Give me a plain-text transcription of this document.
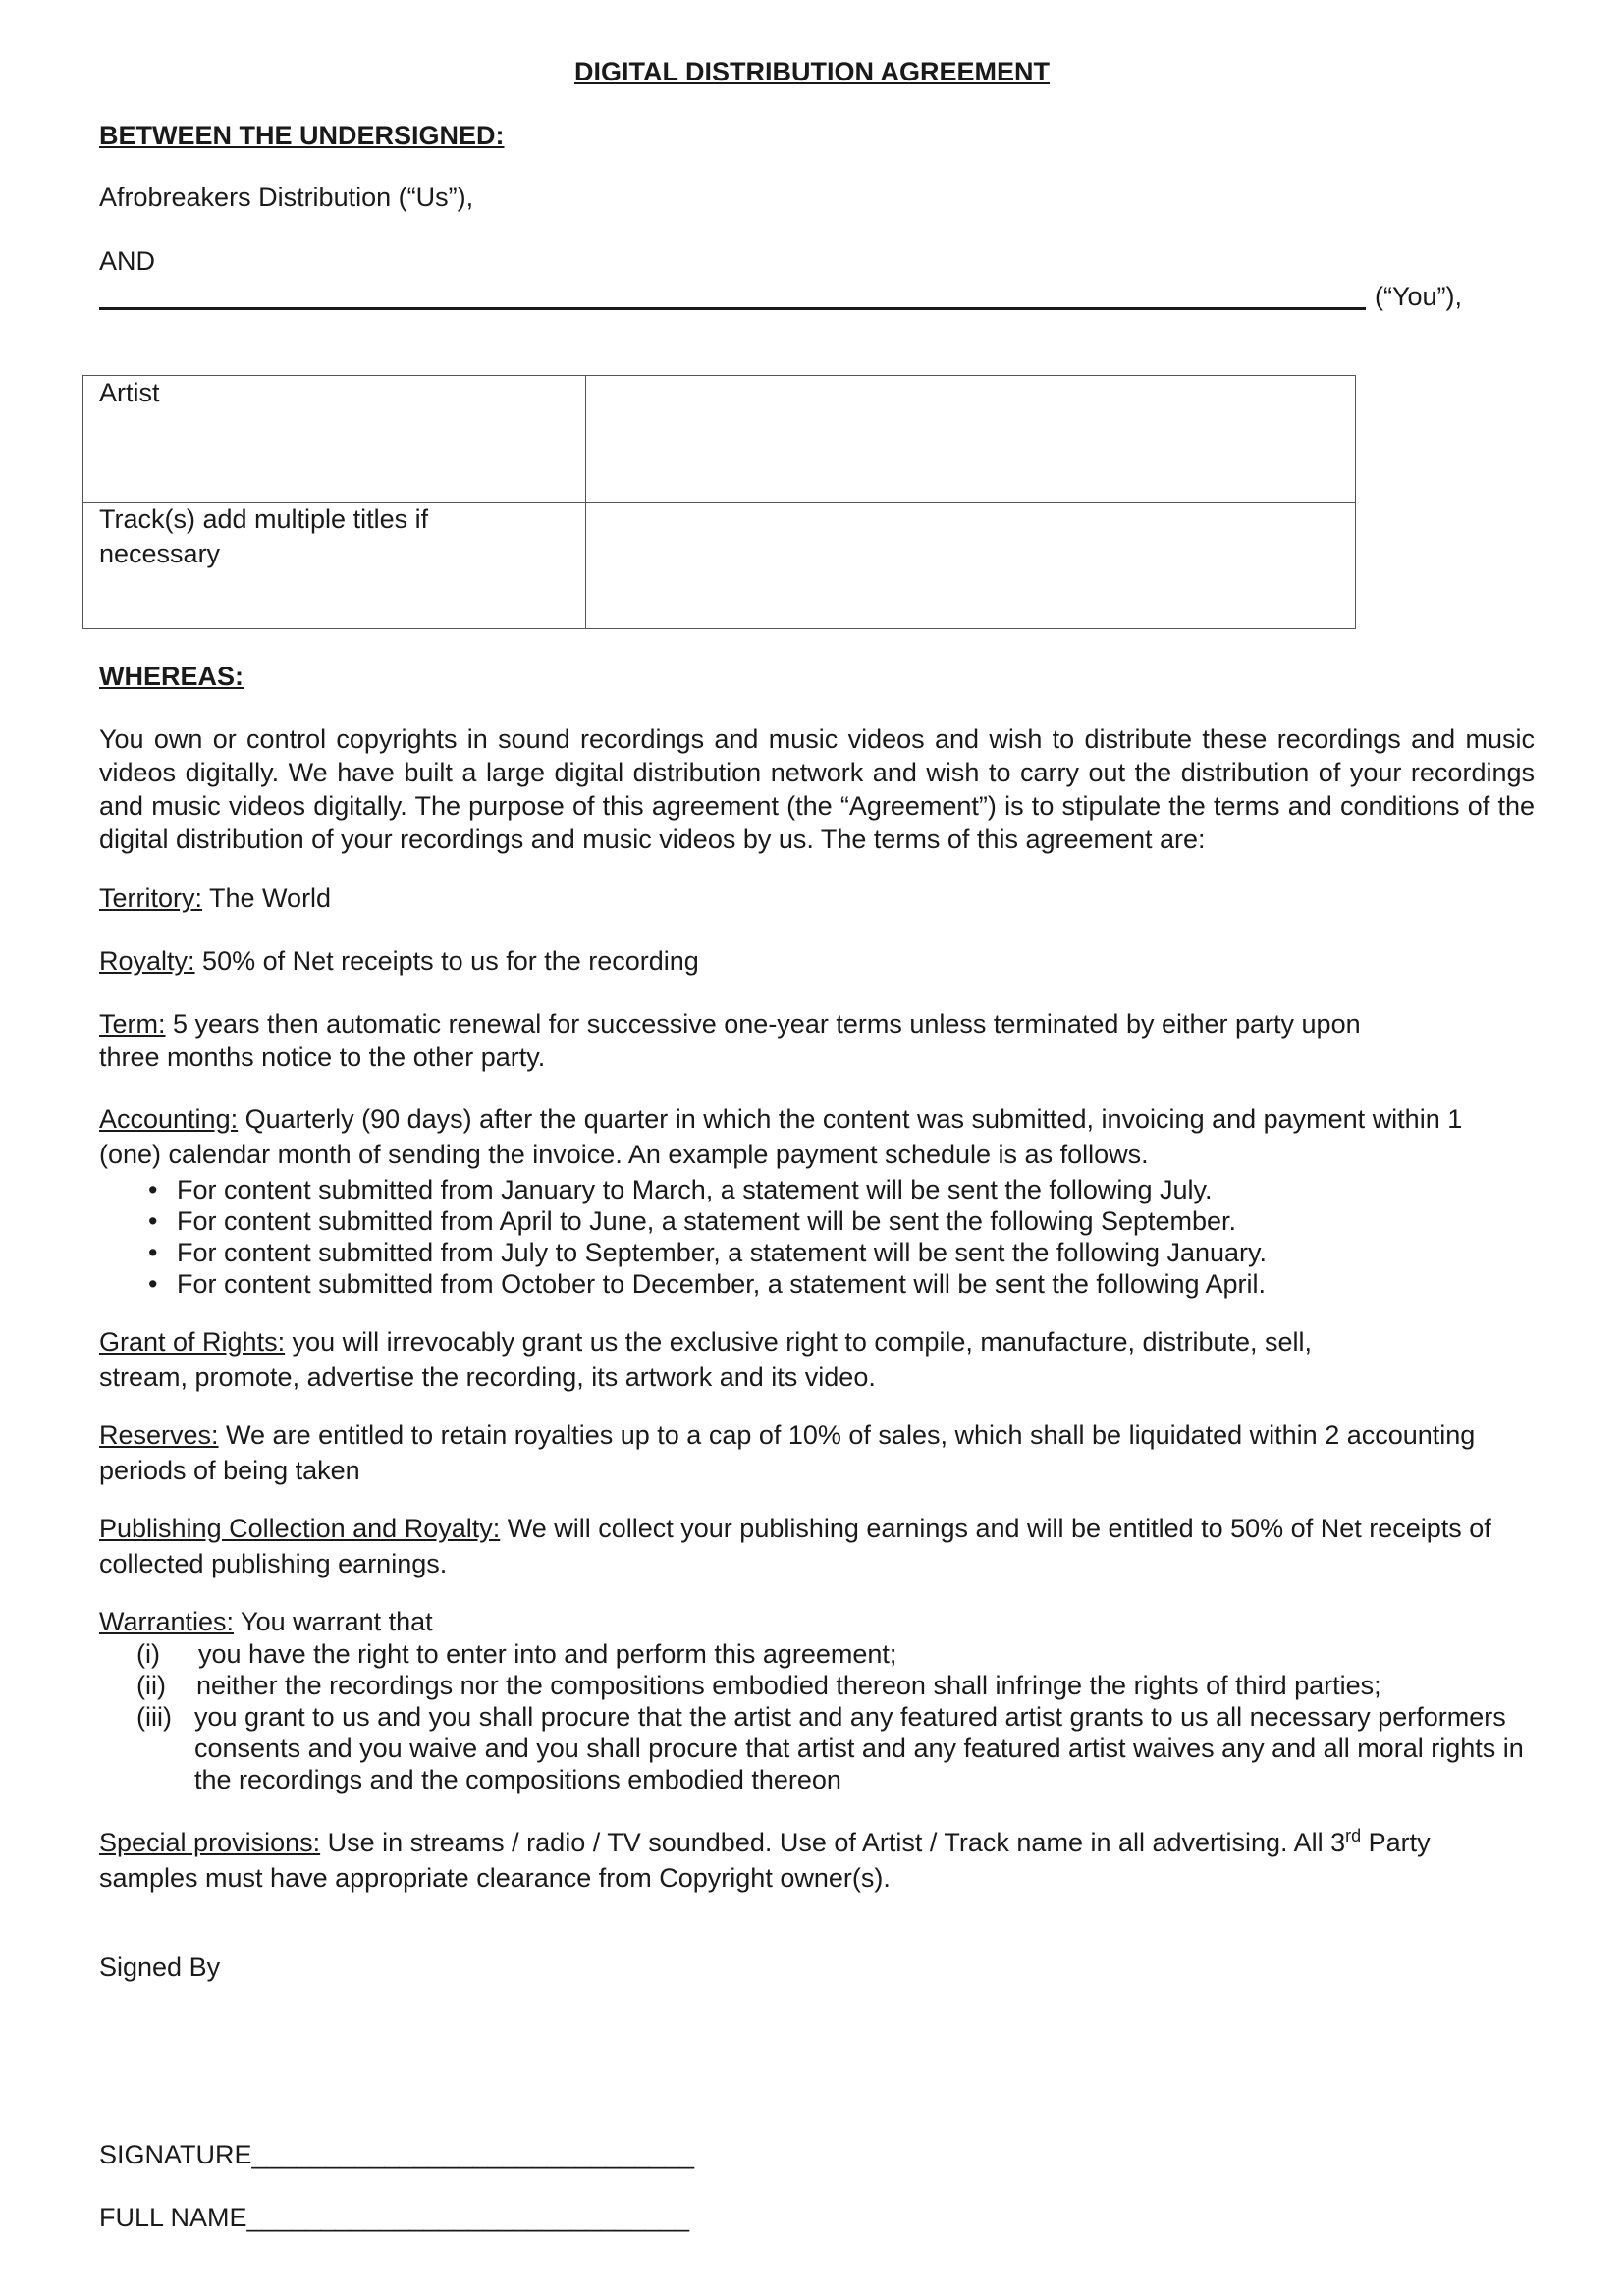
DIGITAL DISTRIBUTION AGREEMENT
BETWEEN THE UNDERSIGNED:
Afrobreakers Distribution (“Us”),
AND
(“You”),
Artist	

Track(s) add multiple titles if necessary	

WHEREAS:
You own or control copyrights in sound recordings and music videos and wish to distribute these recordings and music videos digitally. We have built a large digital distribution network and wish to carry out the distribution of your recordings and music videos digitally. The purpose of this agreement (the “Agreement”) is to stipulate the terms and conditions of the digital distribution of your recordings and music videos by us. The terms of this agreement are:
Territory: The World
Royalty: 50% of Net receipts to us for the recording
Term: 5 years then automatic renewal for successive one-year terms unless terminated by either party upon three months notice to the other party.
Accounting: Quarterly (90 days) after the quarter in which the content was submitted, invoicing and payment within 1 (one) calendar month of sending the invoice. An example payment schedule is as follows.
• For content submitted from January to March, a statement will be sent the following July.
• For content submitted from April to June, a statement will be sent the following September.
• For content submitted from July to September, a statement will be sent the following January.
• For content submitted from October to December, a statement will be sent the following April.
Grant of Rights: you will irrevocably grant us the exclusive right to compile, manufacture, distribute, sell, stream, promote, advertise the recording, its artwork and its video.
Reserves: We are entitled to retain royalties up to a cap of 10% of sales, which shall be liquidated within 2 accounting periods of being taken
Publishing Collection and Royalty: We will collect your publishing earnings and will be entitled to 50% of Net receipts of collected publishing earnings.
Warranties: You warrant that
(i) you have the right to enter into and perform this agreement;
(ii) neither the recordings nor the compositions embodied thereon shall infringe the rights of third parties;
(iii) you grant to us and you shall procure that the artist and any featured artist grants to us all necessary performers consents and you waive and you shall procure that artist and any featured artist waives any and all moral rights in the recordings and the compositions embodied thereon
Special provisions: Use in streams / radio / TV soundbed. Use of Artist / Track name in all advertising. All 3rd Party samples must have appropriate clearance from Copyright owner(s).
Signed By
SIGNATURE______________________________
FULL NAME______________________________
